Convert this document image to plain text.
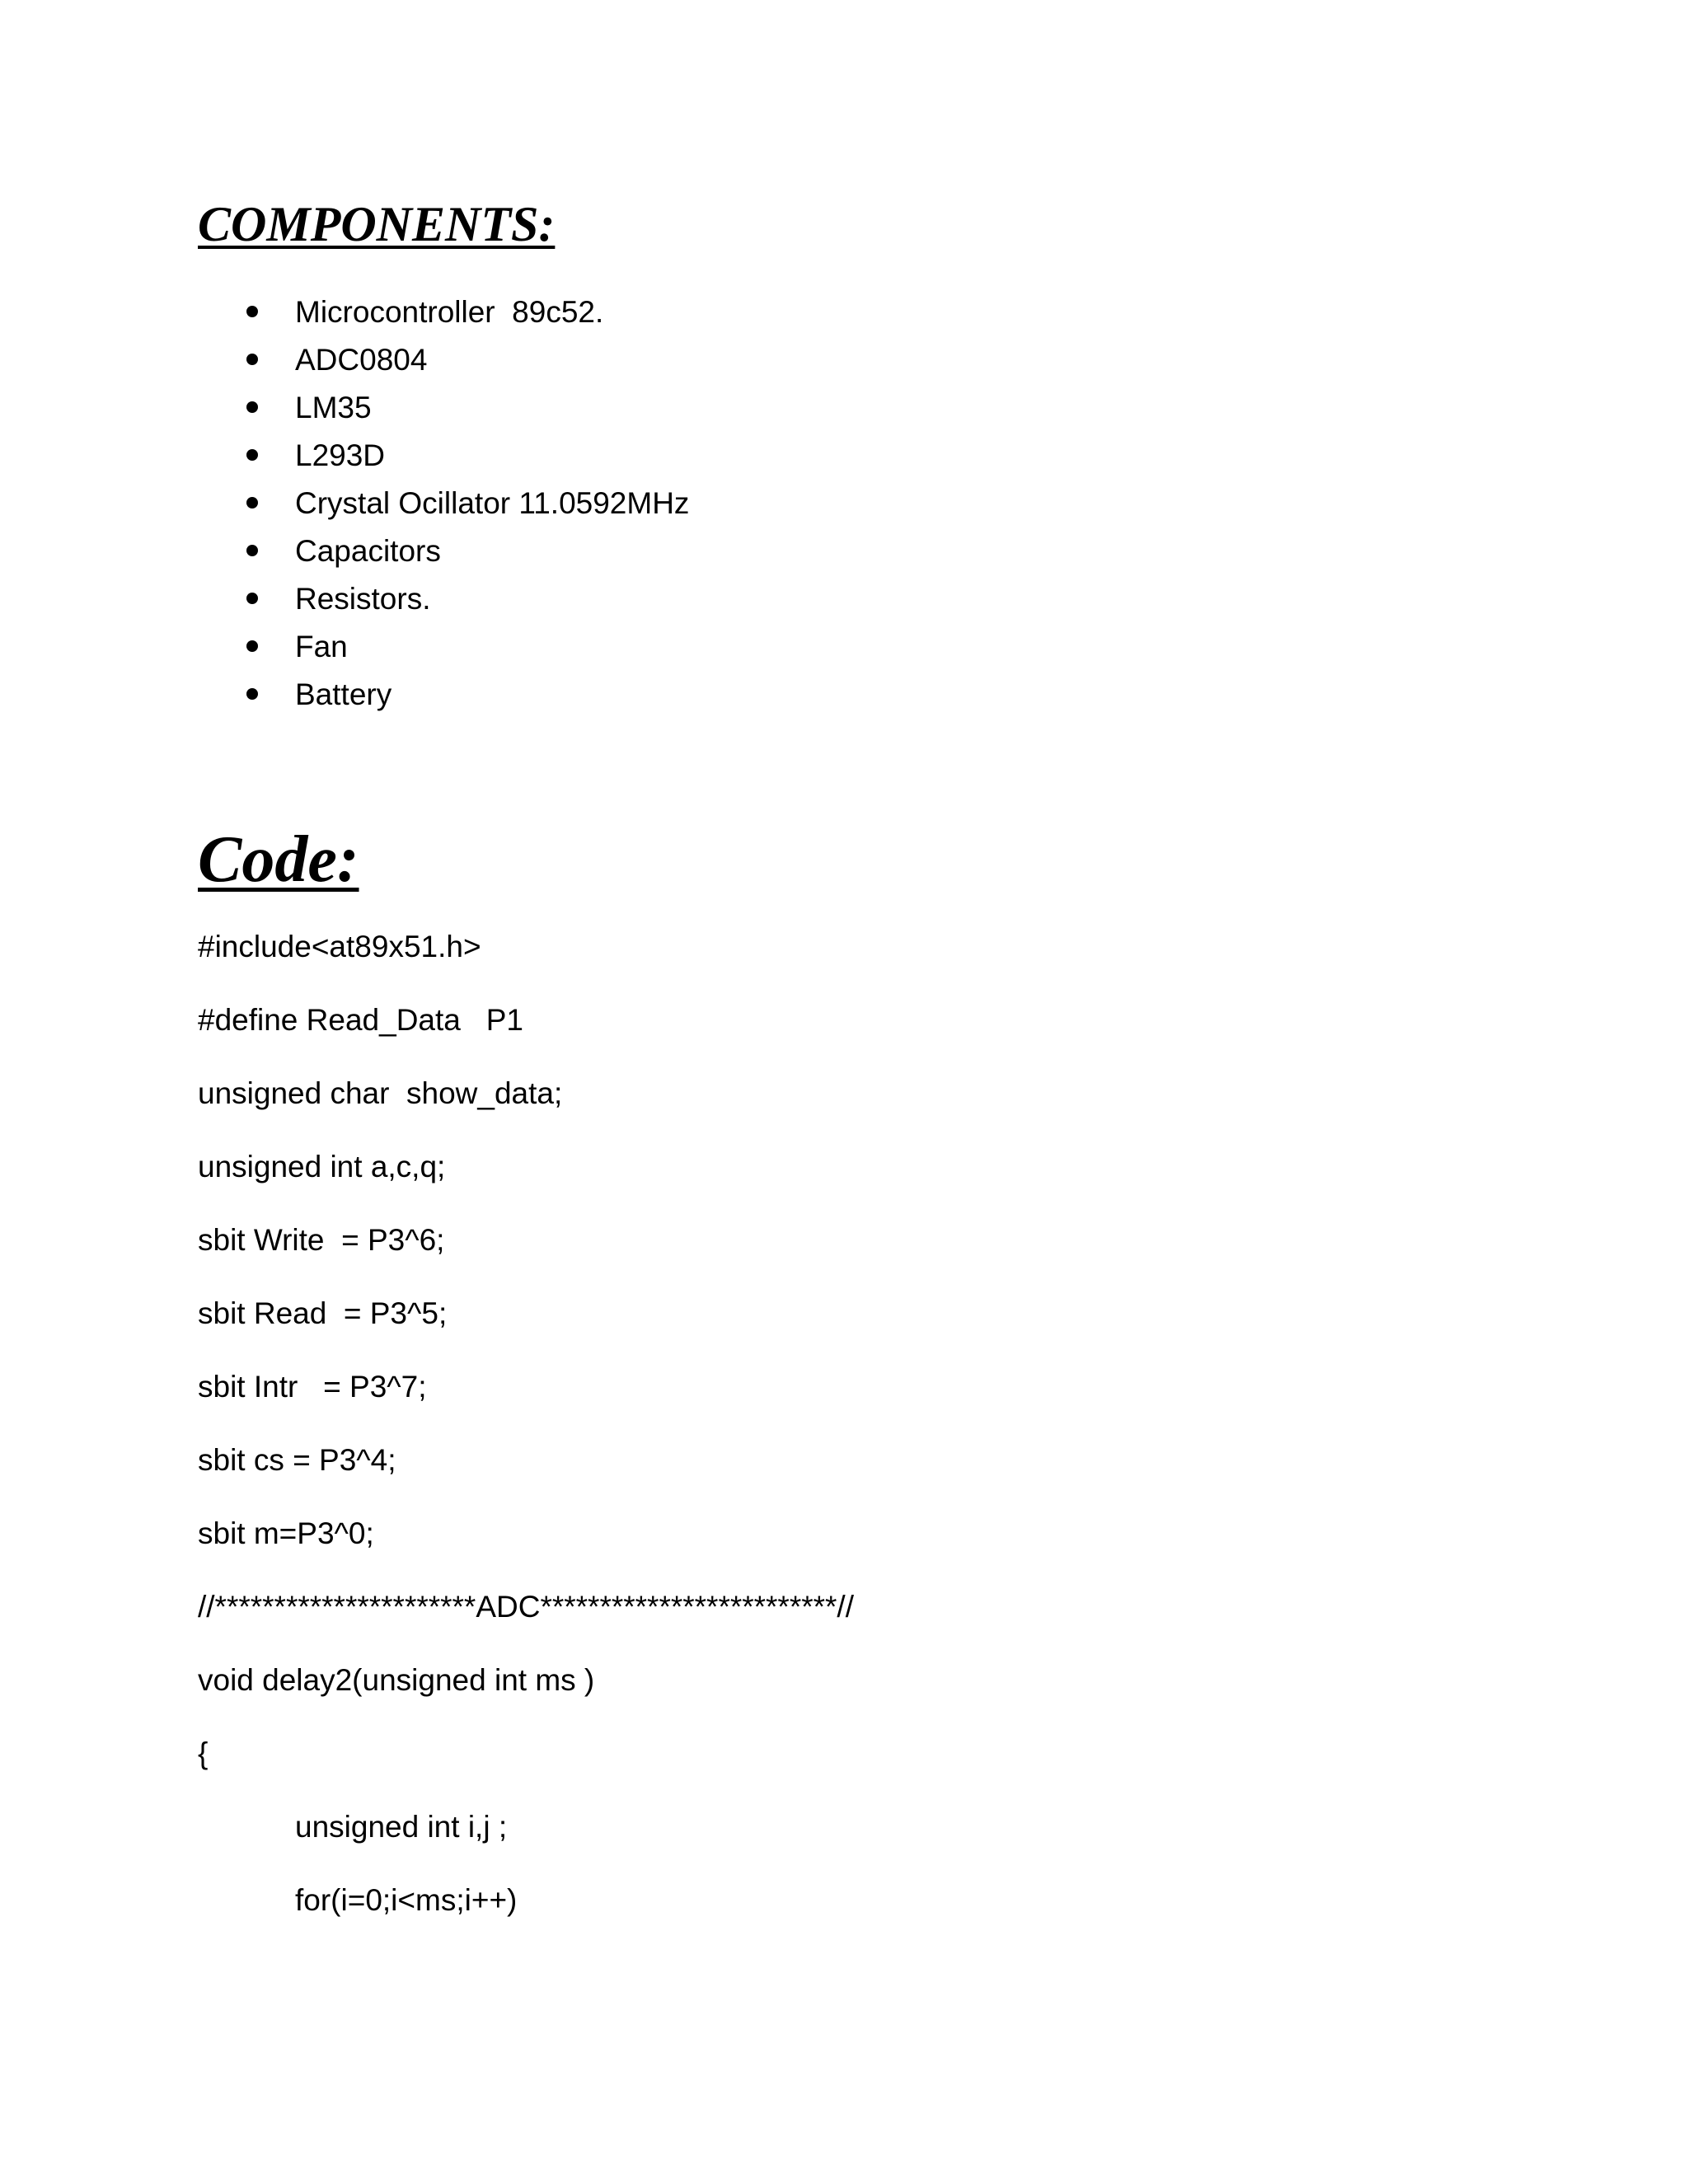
COMPONENTS:
Microcontroller  89c52.
ADC0804
LM35
L293D
Crystal Ocillator 11.0592MHz
Capacitors
Resistors.
Fan
Battery
Code:
#include<at89x51.h>
#define Read_Data   P1
unsigned char  show_data;
unsigned int a,c,q;
sbit Write  = P3^6;
sbit Read  = P3^5;
sbit Intr   = P3^7;
sbit cs = P3^4;
sbit m=P3^0;
//**********************ADC*************************//
void delay2(unsigned int ms )
{
unsigned int i,j ;
for(i=0;i<ms;i++)
